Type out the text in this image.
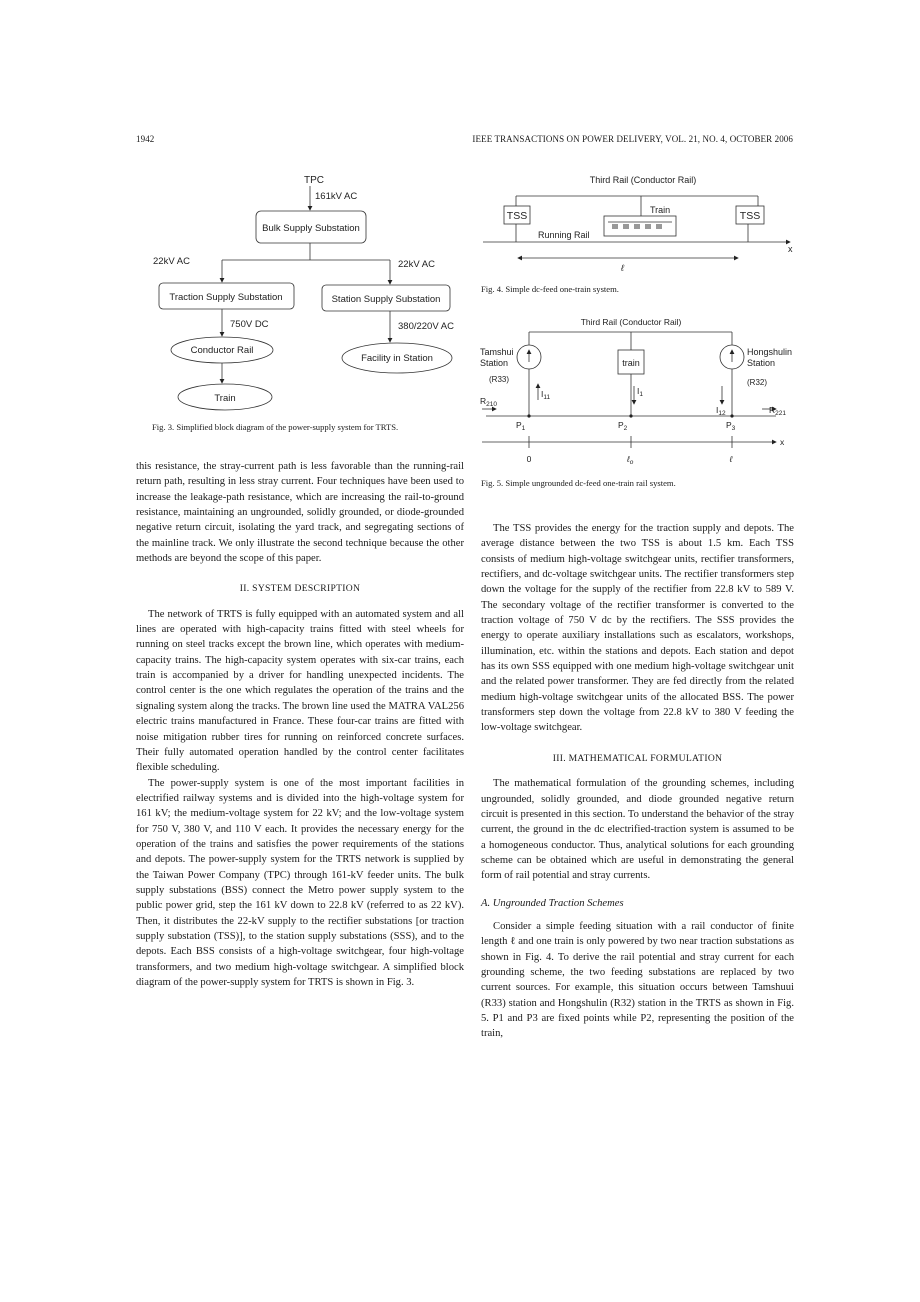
1942	IEEE TRANSACTIONS ON POWER DELIVERY, VOL. 21, NO. 4, OCTOBER 2006
TPC
161kV AC
Bulk Supply Substation
22kV AC	22kV AC
Traction Supply Substation	Station Supply Substation
750V DC	380/220V AC
Conductor Rail
Facility in Station
Train
Fig. 3. Simplified block diagram of the power-supply system for TRTS.
Third Rail (Conductor Rail)
TSS	TSS
Train
Running Rail
x
ℓ
Fig. 4. Simple dc-feed one-train system.
Third Rail (Conductor Rail)
Tamshui
Station
(R33)
train
Hongshulin
Station
(R32)
$I_{11}$
$I_1$
$I_{12}$
$R_{210}$
$R_{221}$
$P_1$	$P_2$	$P_3$
x
0	ℓ$_o$	ℓ
Fig. 5. Simple ungrounded dc-feed one-train rail system.

this resistance, the stray-current path is less favorable than the running-rail return path, resulting in less stray current. Four techniques have been used to increase the leakage-path resistance, which are increasing the rail-to-ground resistance, maintaining an ungrounded, solidly grounded, or diode-grounded negative return circuit, isolating the yard track, and segregating sections of the mainline track. We only illustrate the second technique because the other methods are beyond the scope of this paper.

II. SYSTEM DESCRIPTION

The network of TRTS is fully equipped with an automated system and all lines are operated with high-capacity trains fitted with steel wheels for running on steel tracks except the brown line, which operates with medium-capacity trains. The high-capacity system operates with six-car trains, each train is accompanied by a driver for handling unexpected incidents. The control center is the one which regulates the operation of the trains and the signaling system along the tracks. The brown line used the MATRA VAL256 electric trains manufactured in France. These four-car trains are fitted with noise mitigation rubber tires for running on reinforced concrete surfaces. Their fully automated operation handled by the control center facilitates flexible scheduling.

The power-supply system is one of the most important facilities in electrified railway systems and is divided into the high-voltage system for 161 kV; the medium-voltage system for 22 kV; and the low-voltage system for 750 V, 380 V, and 110 V each. It provides the necessary energy for the operation of the trains and satisfies the power requirements of the stations and depots. The power-supply system for the TRTS network is supplied by the Taiwan Power Company (TPC) through 161-kV feeder units. The bulk supply substations (BSS) connect the Metro power supply system to the public power grid, step the 161 kV down to 22.8 kV (referred to as 22 kV). Then, it distributes the 22-kV supply to the rectifier substations [or traction supply substation (TSS)], to the station supply substations (SSS), and to the depots. Each BSS consists of a high-voltage switchgear, four high-voltage transformers, and two medium high-voltage switchgear. A simplified block diagram of the power-supply system for TRTS is shown in Fig. 3.

The TSS provides the energy for the traction supply and depots. The average distance between the two TSS is about 1.5 km. Each TSS consists of medium high-voltage switchgear units, rectifier transformers, rectifiers, and dc-voltage switchgear units. The rectifier transformers step down the voltage for the supply of the rectifier from 22.8 kV to 589 V. The secondary voltage of the rectifier transformer is converted to the traction voltage of 750 V dc by the rectifiers. The SSS provides the energy to operate auxiliary installations such as escalators, workshops, illumination, etc. within the stations and depots. Each station and depot has its own SSS equipped with one medium high-voltage switchgear unit and the related power transformer. They are fed directly from the related medium high-voltage switchgear units of the allocated BSS. The power transformers step down the voltage from 22.8 kV to 380 V feeding the low-voltage switchgear.

III. MATHEMATICAL FORMULATION

The mathematical formulation of the grounding schemes, including ungrounded, solidly grounded, and diode grounded negative return circuit is presented in this section. To understand the behavior of the stray current, the ground in the dc electrified-traction system is assumed to be a homogeneous conductor. Thus, analytical solutions for each grounding scheme can be obtained which are useful in demonstrating the general form of rail potential and stray currents.

A. Ungrounded Traction Schemes

Consider a simple feeding situation with a rail conductor of finite length ℓ and one train is only powered by two near traction substations as shown in Fig. 4. To derive the rail potential and stray current for each grounding scheme, the two feeding substations are replaced by two current sources. For example, this situation occurs between Tamshuui (R33) station and Hongshulin (R32) station in the TRTS as shown in Fig. 5. P1 and P3 are fixed points while P2, representing the position of the train,
